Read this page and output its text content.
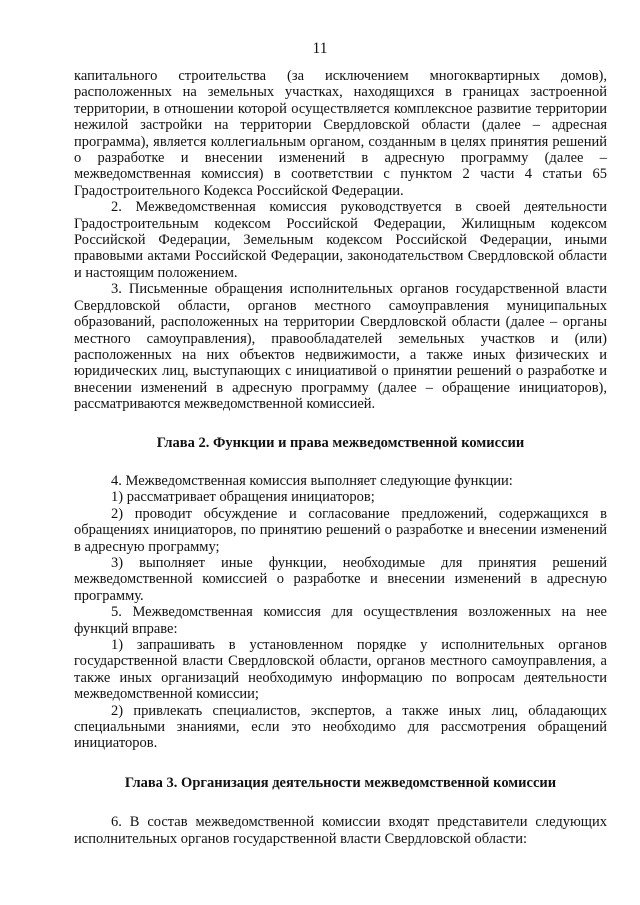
11

капитального строительства (за исключением многоквартирных домов), расположенных на земельных участках, находящихся в границах застроенной территории, в отношении которой осуществляется комплексное развитие территории нежилой застройки на территории Свердловской области (далее – адресная программа), является коллегиальным органом, созданным в целях принятия решений о разработке и внесении изменений в адресную программу (далее – межведомственная комиссия) в соответствии с пунктом 2 части 4 статьи 65 Градостроительного Кодекса Российской Федерации.

2. Межведомственная комиссия руководствуется в своей деятельности Градостроительным кодексом Российской Федерации, Жилищным кодексом Российской Федерации, Земельным кодексом Российской Федерации, иными правовыми актами Российской Федерации, законодательством Свердловской области и настоящим положением.

3. Письменные обращения исполнительных органов государственной власти Свердловской области, органов местного самоуправления муниципальных образований, расположенных на территории Свердловской области (далее – органы местного самоуправления), правообладателей земельных участков и (или) расположенных на них объектов недвижимости, а также иных физических и юридических лиц, выступающих с инициативой о принятии решений о разработке и внесении изменений в адресную программу (далее – обращение инициаторов), рассматриваются межведомственной комиссией.

Глава 2. Функции и права межведомственной комиссии

4. Межведомственная комиссия выполняет следующие функции:

1) рассматривает обращения инициаторов;

2) проводит обсуждение и согласование предложений, содержащихся в обращениях инициаторов, по принятию решений о разработке и внесении изменений в адресную программу;

3) выполняет иные функции, необходимые для принятия решений межведомственной комиссией о разработке и внесении изменений в адресную программу.

5. Межведомственная комиссия для осуществления возложенных на нее функций вправе:

1) запрашивать в установленном порядке у исполнительных органов государственной власти Свердловской области, органов местного самоуправления, а также иных организаций необходимую информацию по вопросам деятельности межведомственной комиссии;

2) привлекать специалистов, экспертов, а также иных лиц, обладающих специальными знаниями, если это необходимо для рассмотрения обращений инициаторов.

Глава 3. Организация деятельности межведомственной комиссии

6. В состав межведомственной комиссии входят представители следующих исполнительных органов государственной власти Свердловской области:
